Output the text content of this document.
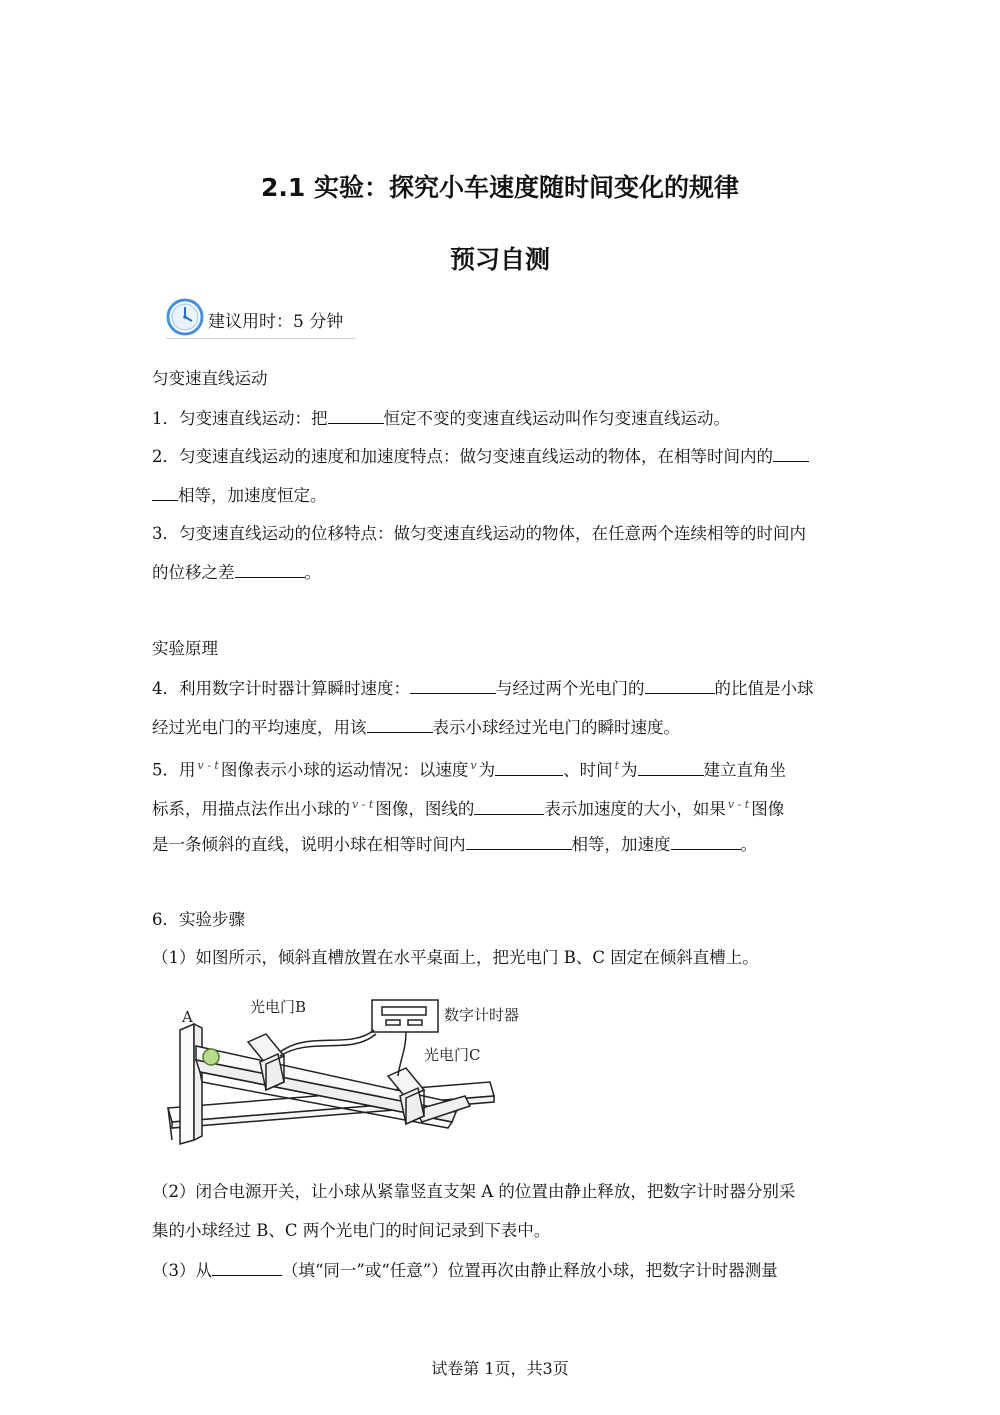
2.1 实验：探究小车速度随时间变化的规律
预习自测
建议用时：5 分钟
匀变速直线运动
1．匀变速直线运动：把	恒定不变的变速直线运动叫作匀变速直线运动。
2．匀变速直线运动的速度和加速度特点：做匀变速直线运动的物体，在相等时间内的
相等，加速度恒定。
3．匀变速直线运动的位移特点：做匀变速直线运动的物体，在任意两个连续相等的时间内
的位移之差	。
实验原理
4．利用数字计时器计算瞬时速度：	与经过两个光电门的	的比值是小球
经过光电门的平均速度，用该	表示小球经过光电门的瞬时速度。
5．用 $^{v - t}$ 图像表示小球的运动情况：以速度 $^v$ 为	、时间 $^t$ 为	建立直角坐
标系，用描点法作出小球的 $^{v - t}$ 图像，图线的	表示加速度的大小，如果 $^{v - t}$ 图像
是一条倾斜的直线，说明小球在相等时间内	相等，加速度	。
6．实验步骤
（1）如图所示，倾斜直槽放置在水平桌面上，把光电门 B、C 固定在倾斜直槽上。
A
光电门B	数字计时器
光电门C
（2）闭合电源开关，让小球从紧靠竖直支架 A 的位置由静止释放，把数字计时器分别采
集的小球经过 B、C 两个光电门的时间记录到下表中。
（3）从	（填“同一”或“任意”）位置再次由静止释放小球，把数字计时器测量
试卷第 1页，共3页
